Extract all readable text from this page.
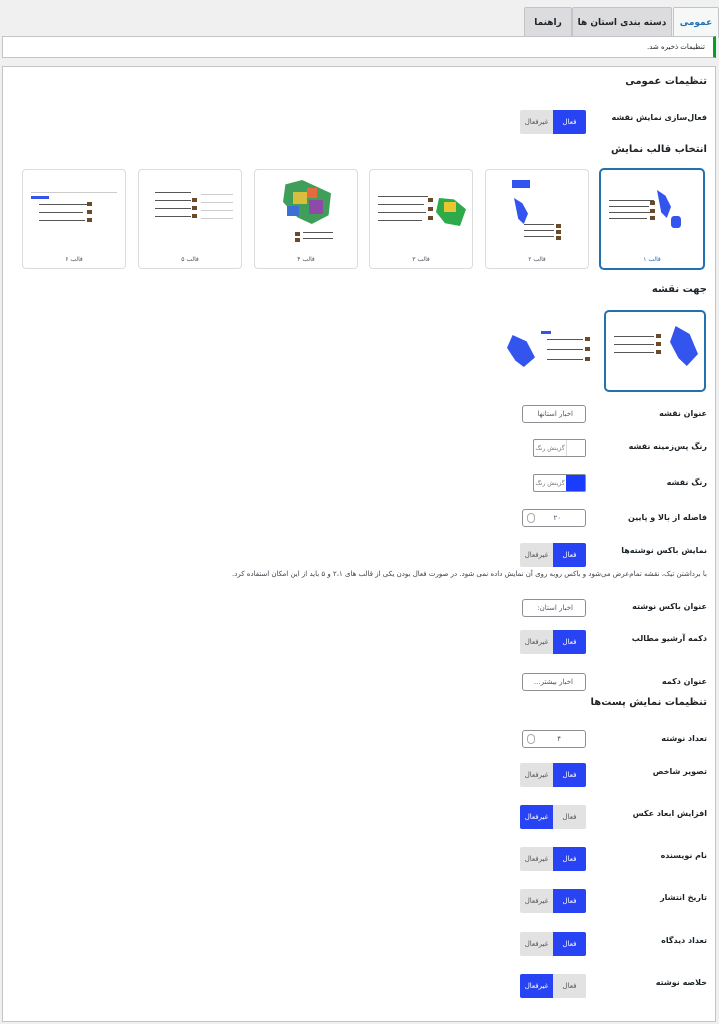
راهنما دسته بندی استان ها عمومی
تنظیمات ذخیره شد.
تنظیمات عمومی
فعال‌سازی نمایش نقشه
غیرفعال	فعال
انتخاب قالب نمایش
قالب ۱
قالب ۲
قالب ۳
قالب ۴
قالب ۵
قالب ۶
جهت نقشه
عنوان نقشه
اخبار استانها
رنگ پس‌زمینه نقشه
گزینش رنگ
رنگ نقشه
گزینش رنگ
فاصله از بالا و پایین
۲۰
نمایش باکس نوشته‌ها
غیرفعال	فعال
با برداشتن تیک، نقشه تمام‌عرض می‌شود و باکس روبه روی آن نمایش داده نمی شود. در صورت فعال بودن یکی از قالب های ۲،۱ و ۵ باید از این امکان استفاده کرد.
عنوان باکس نوشته
اخبار استان:
دکمه آرشیو مطالب
غیرفعال	فعال
عنوان دکمه
اخبار بیشتر...
تنظیمات نمایش پست‌ها
تعداد نوشته
۴
تصویر شاخص
غیرفعال	فعال
افزایش ابعاد عکس
غیرفعال	فعال
نام نویسنده
غیرفعال	فعال
تاریخ انتشار
غیرفعال	فعال
تعداد دیدگاه
غیرفعال	فعال
خلاصه نوشته
غیرفعال	فعال
